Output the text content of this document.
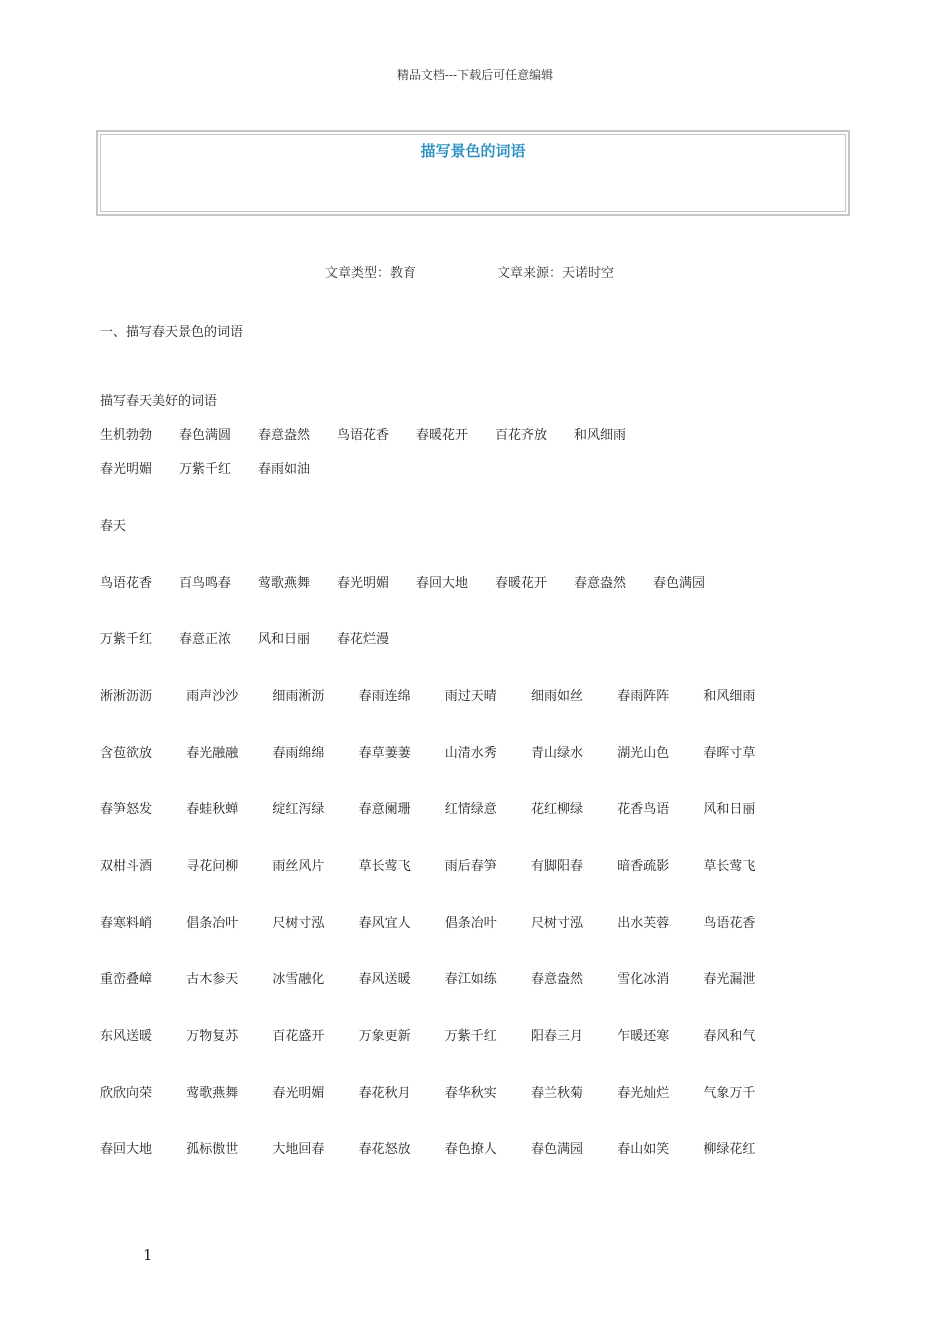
精品文档---下载后可任意编辑
描写景色的词语
文章类型：教育	文章来源：天诺时空
一、描写春天景色的词语
描写春天美好的词语
春天
生机勃勃 春色满圆 春意盎然 鸟语花香 春暖花开 百花齐放 和风细雨
春光明媚 万紫千红 春雨如油
鸟语花香 百鸟鸣春 莺歌燕舞 春光明媚 春回大地 春暖花开 春意盎然 春色满园
万紫千红 春意正浓 风和日丽 春花烂漫
淅淅沥沥	雨声沙沙	细雨淅沥	春雨连绵	雨过天晴	细雨如丝	春雨阵阵	和风细雨
含苞欲放	春光融融	春雨绵绵	春草萋萋	山清水秀	青山绿水	湖光山色	春晖寸草
春笋怒发	春蛙秋蝉	绽红泻绿	春意阑珊	红情绿意	花红柳绿	花香鸟语	风和日丽
双柑斗酒	寻花问柳	雨丝风片	草长莺飞	雨后春笋	有脚阳春	暗香疏影	草长莺飞
春寒料峭	倡条冶叶	尺树寸泓	春风宜人	倡条冶叶	尺树寸泓	出水芙蓉	鸟语花香
重峦叠嶂	古木参天	冰雪融化	春风送暖	春江如练	春意盎然	雪化冰消	春光漏泄
东风送暖	万物复苏	百花盛开	万象更新	万紫千红	阳春三月	乍暖还寒	春风和气
欣欣向荣	莺歌燕舞	春光明媚	春花秋月	春华秋实	春兰秋菊	春光灿烂	气象万千
春回大地	孤标傲世	大地回春	春花怒放	春色撩人	春色满园	春山如笑	柳绿花红
1
